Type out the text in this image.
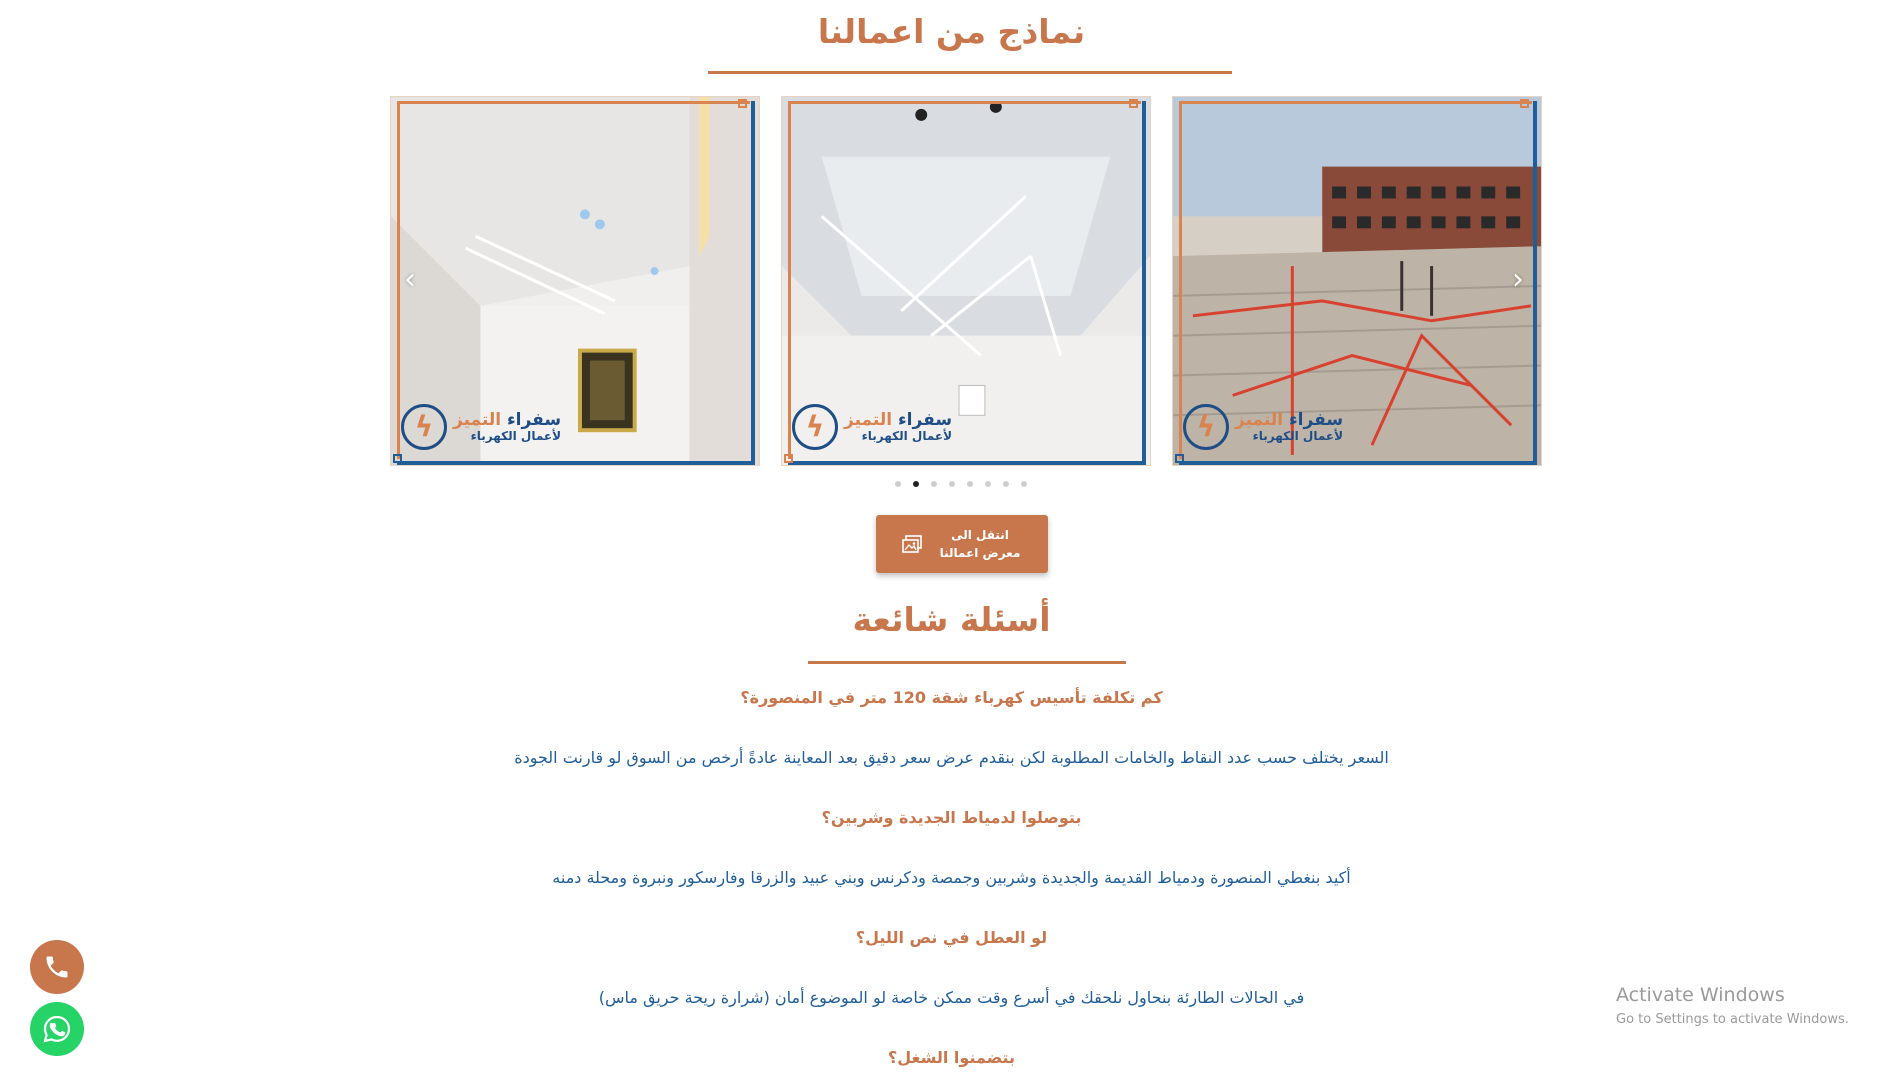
نماذج من اعمالنا
ϟ	سفراء التميز
لأعمال الكهرباء	ϟ	سفراء التميز
لأعمال الكهرباء	ϟ	سفراء التميز
لأعمال الكهرباء
‹	›
انتقل الى معرض اعمالنا
أسئلة شائعة
كم تكلفة تأسيس كهرباء شقة 120 متر في المنصورة؟
السعر يختلف حسب عدد النقاط والخامات المطلوبة لكن بنقدم عرض سعر دقيق بعد المعاينة عادةً أرخص من السوق لو قارنت الجودة
بتوصلوا لدمياط الجديدة وشربين؟
أكيد بنغطي المنصورة ودمياط القديمة والجديدة وشربين وجمصة ودكرنس وبني عبيد والزرقا وفارسكور ونبروة ومحلة دمنه
لو العطل في نص الليل؟
في الحالات الطارئة بنحاول نلحقك في أسرع وقت ممكن خاصة لو الموضوع أمان (شرارة ريحة حريق ماس)
بتضمنوا الشغل؟
Activate Windows
Go to Settings to activate Windows.
